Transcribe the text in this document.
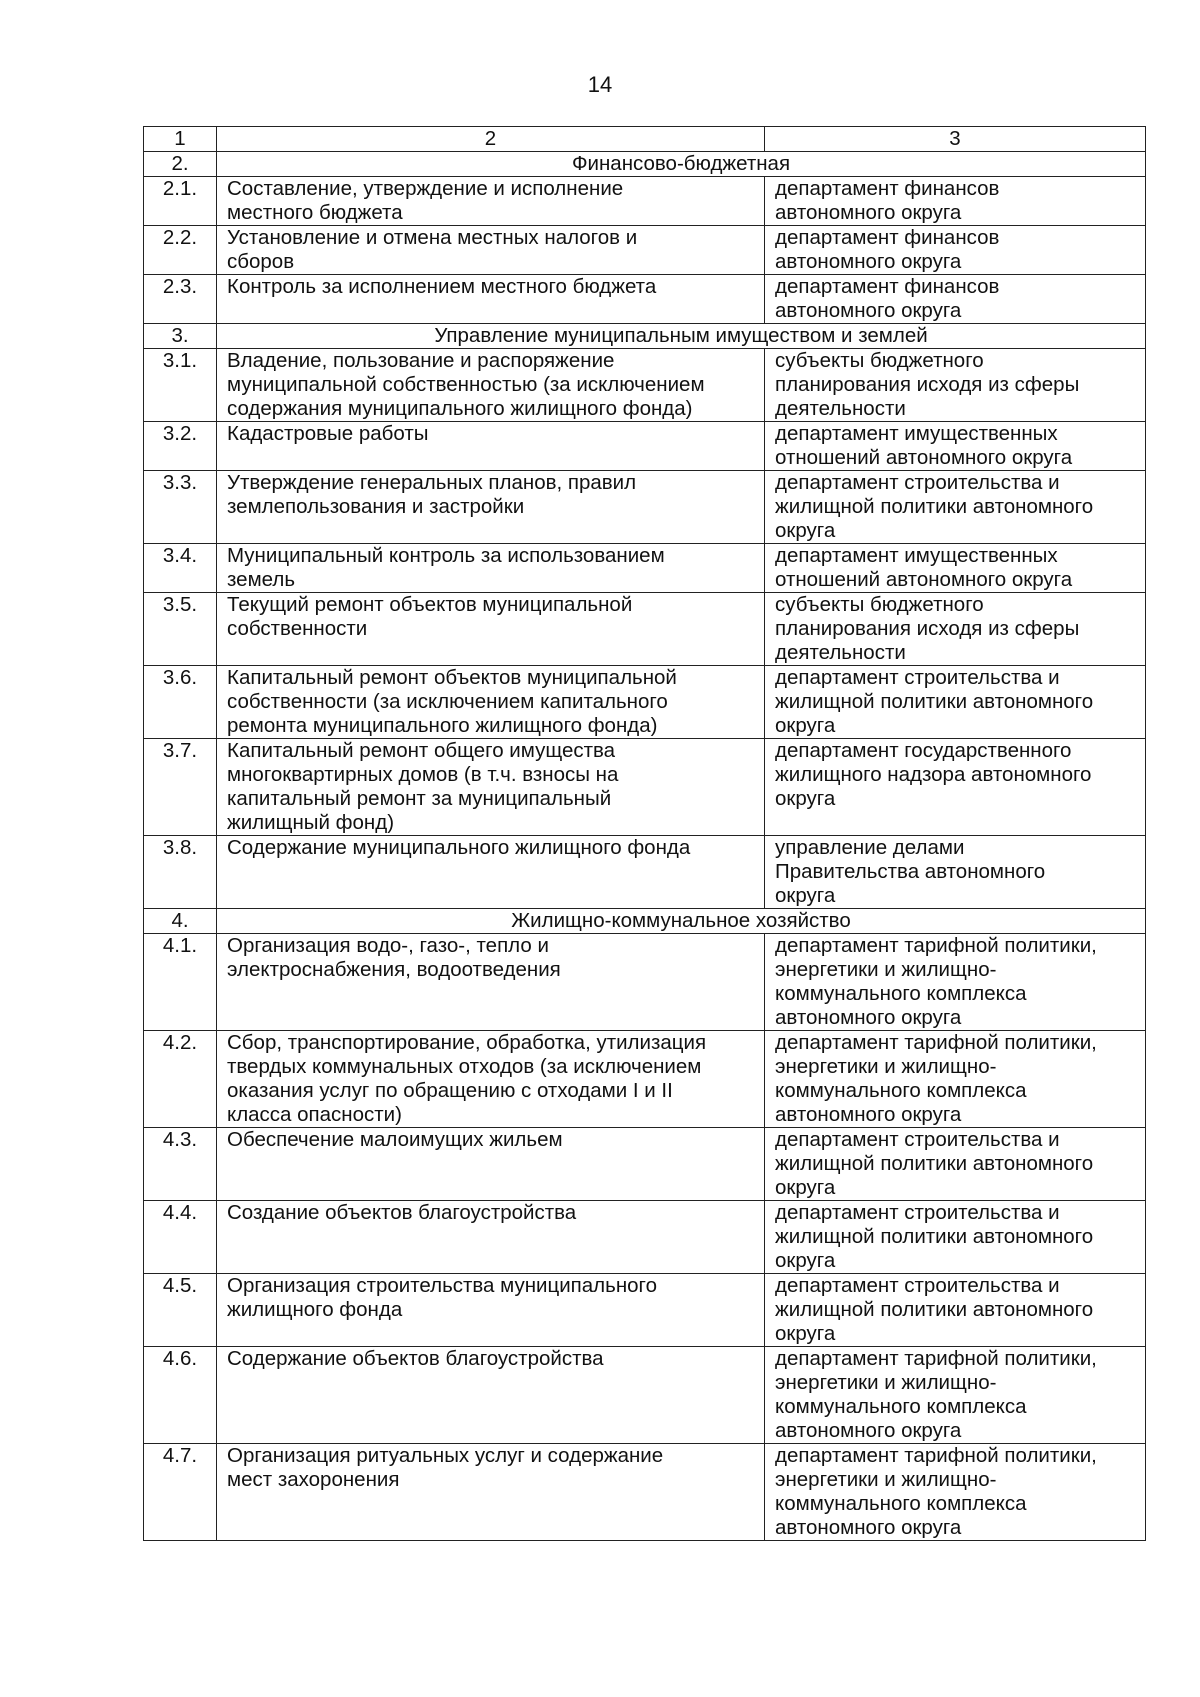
14
1	2	3
2.	Финансово-бюджетная	
2.1.	Составление, утверждение и исполнение
местного бюджета	департамент финансов
автономного округа
2.2.	Установление и отмена местных налогов и
сборов	департамент финансов
автономного округа
2.3.	Контроль за исполнением местного бюджета	департамент финансов
автономного округа
3.	Управление муниципальным имуществом и землей	
3.1.	Владение, пользование и распоряжение
муниципальной собственностью (за исключением
содержания муниципального жилищного фонда)	субъекты бюджетного
планирования исходя из сферы
деятельности
3.2.	Кадастровые работы	департамент имущественных
отношений автономного округа
3.3.	Утверждение генеральных планов, правил
землепользования и застройки	департамент строительства и
жилищной политики автономного
округа
3.4.	Муниципальный контроль за использованием
земель	департамент имущественных
отношений автономного округа
3.5.	Текущий ремонт объектов муниципальной
собственности	субъекты бюджетного
планирования исходя из сферы
деятельности
3.6.	Капитальный ремонт объектов муниципальной
собственности (за исключением капитального
ремонта муниципального жилищного фонда)	департамент строительства и
жилищной политики автономного
округа
3.7.	Капитальный ремонт общего имущества
многоквартирных домов (в т.ч. взносы на
капитальный ремонт за муниципальный
жилищный фонд)	департамент государственного
жилищного надзора автономного
округа
3.8.	Содержание муниципального жилищного фонда	управление делами
Правительства автономного
округа
4.	Жилищно-коммунальное хозяйство	
4.1.	Организация водо-, газо-, тепло и
электроснабжения, водоотведения	департамент тарифной политики,
энергетики и жилищно-
коммунального комплекса
автономного округа
4.2.	Сбор, транспортирование, обработка, утилизация
твердых коммунальных отходов (за исключением
оказания услуг по обращению с отходами I и II
класса опасности)	департамент тарифной политики,
энергетики и жилищно-
коммунального комплекса
автономного округа
4.3.	Обеспечение малоимущих жильем	департамент строительства и
жилищной политики автономного
округа
4.4.	Создание объектов благоустройства	департамент строительства и
жилищной политики автономного
округа
4.5.	Организация строительства муниципального
жилищного фонда	департамент строительства и
жилищной политики автономного
округа
4.6.	Содержание объектов благоустройства	департамент тарифной политики,
энергетики и жилищно-
коммунального комплекса
автономного округа
4.7.	Организация ритуальных услуг и содержание
мест захоронения	департамент тарифной политики,
энергетики и жилищно-
коммунального комплекса
автономного округа
